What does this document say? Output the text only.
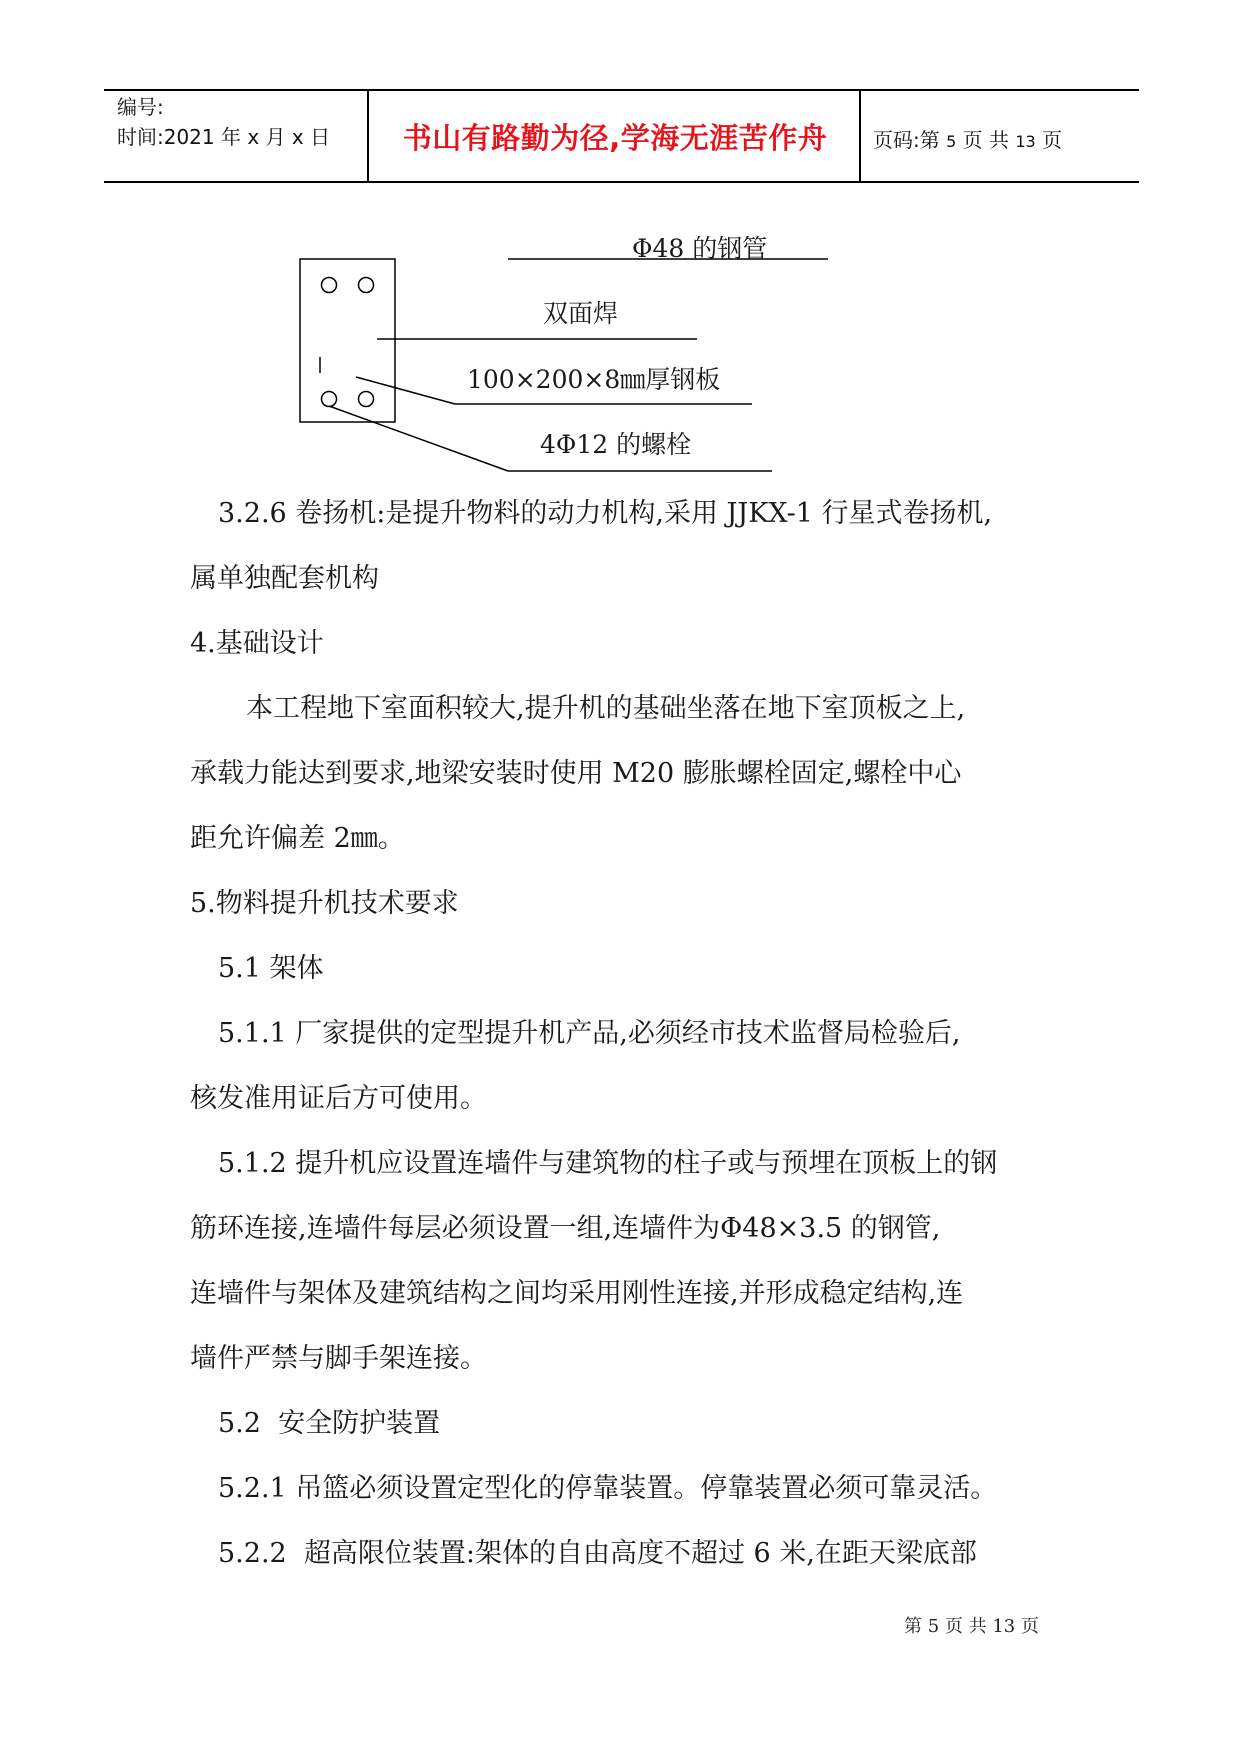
编号:
时间:2021 年 x 月 x 日	书山有路勤为径,学海无涯苦作舟	页码:第 5 页 共 13 页
Φ48 的钢管
双面焊
100×200×8㎜厚钢板
4Φ12 的螺栓
3.2.6 卷扬机:是提升物料的动力机构,采用 JJKX-1 行星式卷扬机,
属单独配套机构
4.基础设计
本工程地下室面积较大,提升机的基础坐落在地下室顶板之上,
承载力能达到要求,地梁安装时使用 M20 膨胀螺栓固定,螺栓中心
距允许偏差 2㎜。
5.物料提升机技术要求
5.1 架体
5.1.1 厂家提供的定型提升机产品,必须经市技术监督局检验后,
核发准用证后方可使用。
5.1.2 提升机应设置连墙件与建筑物的柱子或与预埋在顶板上的钢
筋环连接,连墙件每层必须设置一组,连墙件为Φ48×3.5 的钢管,
连墙件与架体及建筑结构之间均采用刚性连接,并形成稳定结构,连
墙件严禁与脚手架连接。
5.2  安全防护装置
5.2.1 吊篮必须设置定型化的停靠装置。停靠装置必须可靠灵活。
5.2.2  超高限位装置:架体的自由高度不超过 6 米,在距天梁底部
第 5 页 共 13 页
